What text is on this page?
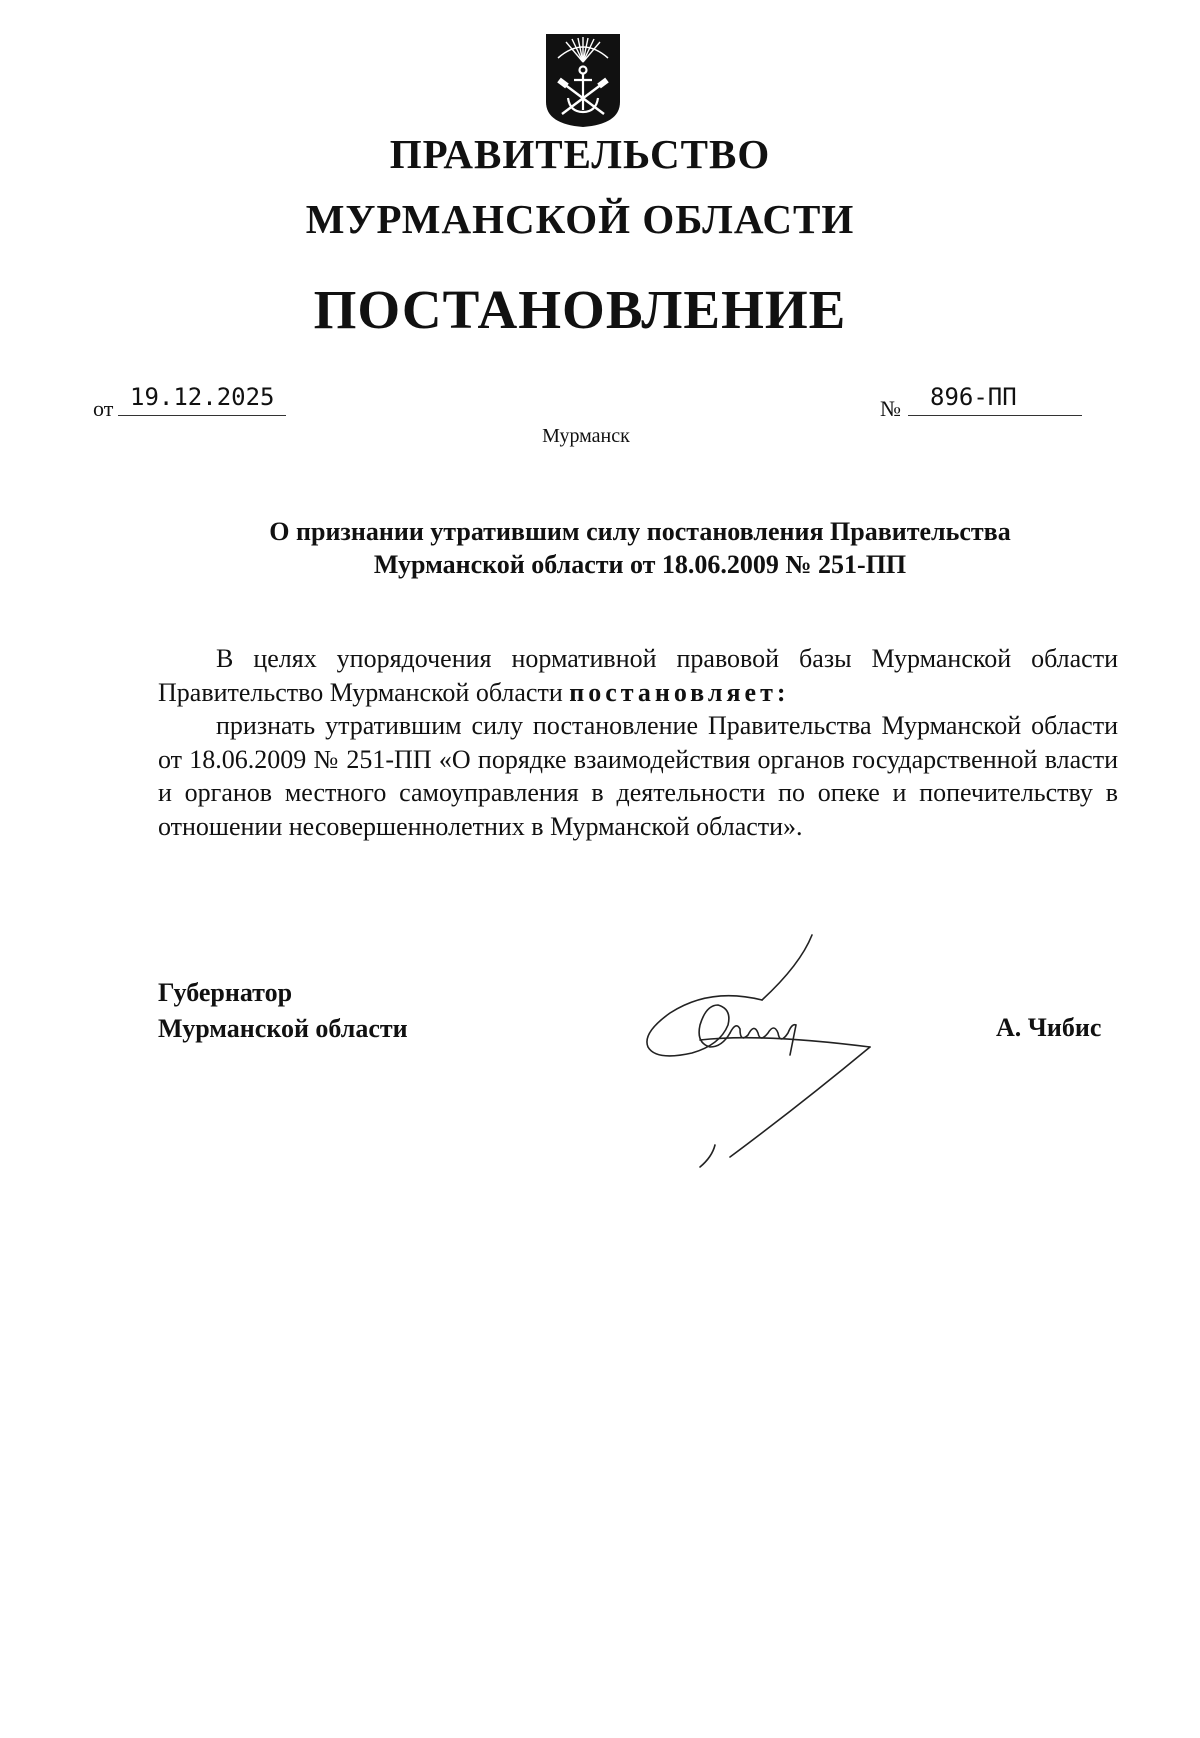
ПРАВИТЕЛЬСТВО
МУРМАНСКОЙ ОБЛАСТИ
ПОСТАНОВЛЕНИЕ
от 19.12.2025	№	896-ПП
Мурманск
О признании утратившим силу постановления Правительства
Мурманской области от 18.06.2009 № 251-ПП

В целях упорядочения нормативной правовой базы Мурманской области Правительство Мурманской области постановляет:

признать утратившим силу постановление Правительства Мурманской области от 18.06.2009 № 251-ПП «О порядке взаимодействия органов государственной власти и органов местного самоуправления в деятельности по опеке и попечительству в отношении несовершеннолетних в Мурманской области».

Губернатор
Мурманской области	А. Чибис
